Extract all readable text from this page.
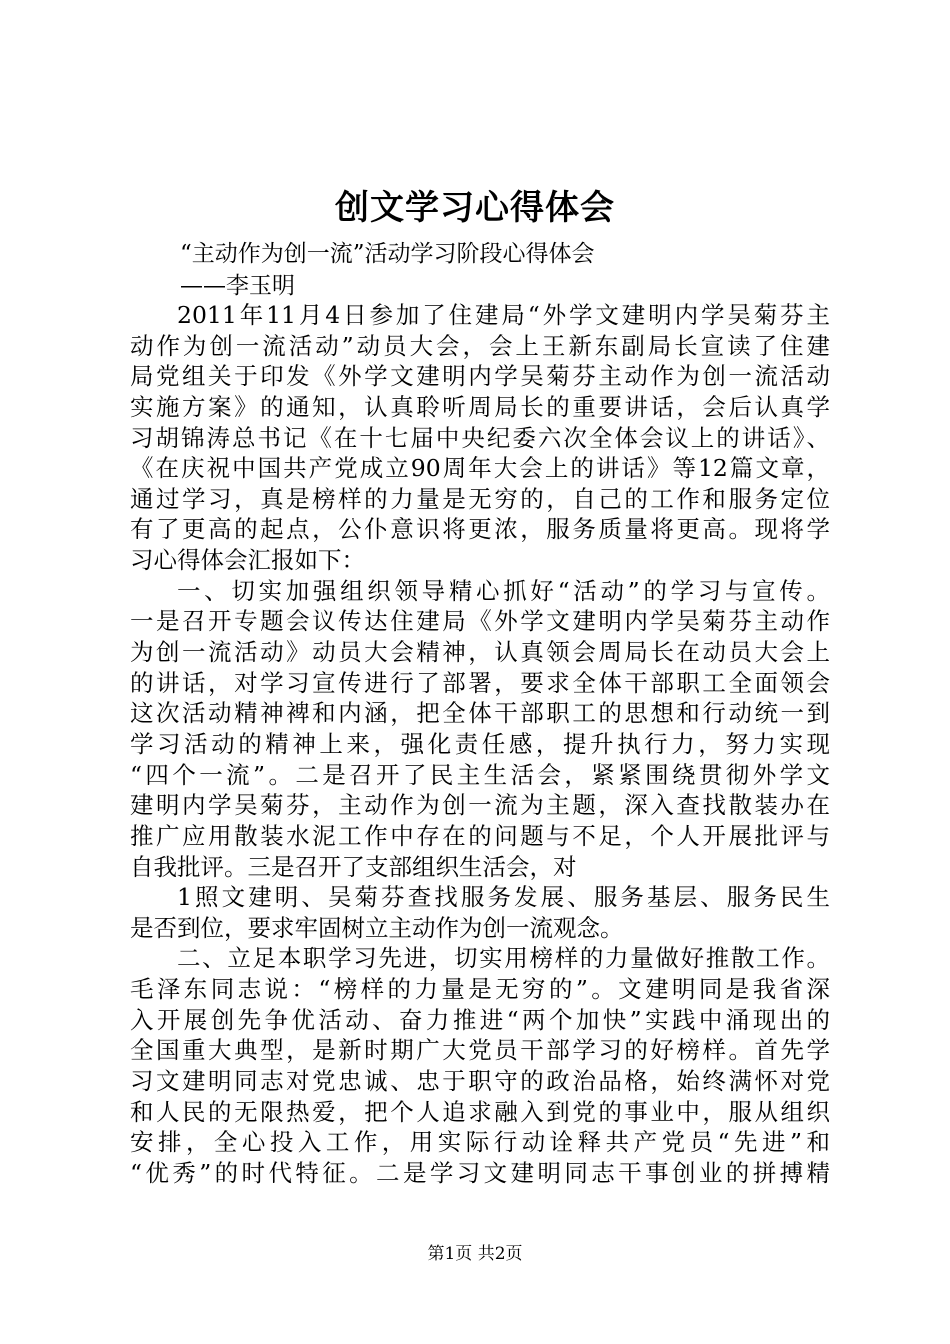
创文学习心得体会
“主动作为创一流”活动学习阶段心得体会
——李玉明
2011年11月4日参加了住建局“外学文建明内学吴菊芬主
动作为创一流活动”动员大会，会上王新东副局长宣读了住建
局党组关于印发《外学文建明内学吴菊芬主动作为创一流活动
实施方案》的通知，认真聆听周局长的重要讲话，会后认真学
习胡锦涛总书记《在十七届中央纪委六次全体会议上的讲话》、
《在庆祝中国共产党成立90周年大会上的讲话》等12篇文章，
通过学习，真是榜样的力量是无穷的，自己的工作和服务定位
有了更高的起点，公仆意识将更浓，服务质量将更高。现将学
习心得体会汇报如下：
一、切实加强组织领导精心抓好“活动”的学习与宣传。
一是召开专题会议传达住建局《外学文建明内学吴菊芬主动作
为创一流活动》动员大会精神，认真领会周局长在动员大会上
的讲话，对学习宣传进行了部署，要求全体干部职工全面领会
这次活动精神裨和内涵，把全体干部职工的思想和行动统一到
学习活动的精神上来，强化责任感，提升执行力，努力实现
“四个一流”。二是召开了民主生活会，紧紧围绕贯彻外学文
建明内学吴菊芬，主动作为创一流为主题，深入查找散装办在
推广应用散装水泥工作中存在的问题与不足，个人开展批评与
自我批评。三是召开了支部组织生活会，对
1照文建明、吴菊芬查找服务发展、服务基层、服务民生
是否到位，要求牢固树立主动作为创一流观念。
二、立足本职学习先进，切实用榜样的力量做好推散工作。
毛泽东同志说：“榜样的力量是无穷的”。文建明同是我省深
入开展创先争优活动、奋力推进“两个加快”实践中涌现出的
全国重大典型，是新时期广大党员干部学习的好榜样。首先学
习文建明同志对党忠诚、忠于职守的政治品格，始终满怀对党
和人民的无限热爱，把个人追求融入到党的事业中，服从组织
安排，全心投入工作，用实际行动诠释共产党员“先进”和
“优秀”的时代特征。二是学习文建明同志干事创业的拼搏精
第1页 共2页
